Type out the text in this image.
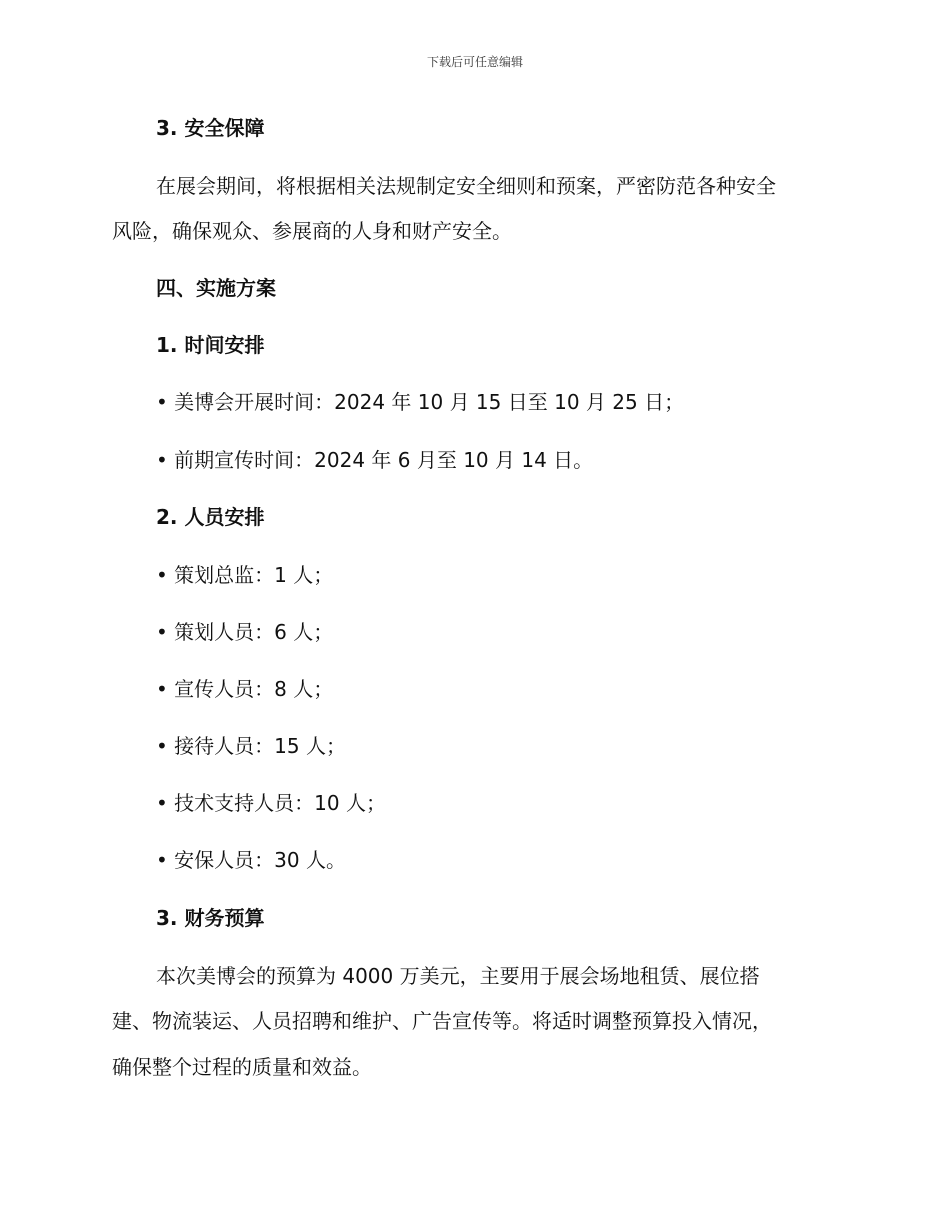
下载后可任意编辑
3. 安全保障
在展会期间，将根据相关法规制定安全细则和预案，严密防范各种安全
风险，确保观众、参展商的人身和财产安全。
四、实施方案
1. 时间安排
• 美博会开展时间：2024 年 10 月 15 日至 10 月 25 日；
• 前期宣传时间：2024 年 6 月至 10 月 14 日。
2. 人员安排
• 策划总监：1 人；
• 策划人员：6 人；
• 宣传人员：8 人；
• 接待人员：15 人；
• 技术支持人员：10 人；
• 安保人员：30 人。
3. 财务预算
本次美博会的预算为 4000 万美元，主要用于展会场地租赁、展位搭
建、物流装运、人员招聘和维护、广告宣传等。将适时调整预算投入情况，
确保整个过程的质量和效益。
